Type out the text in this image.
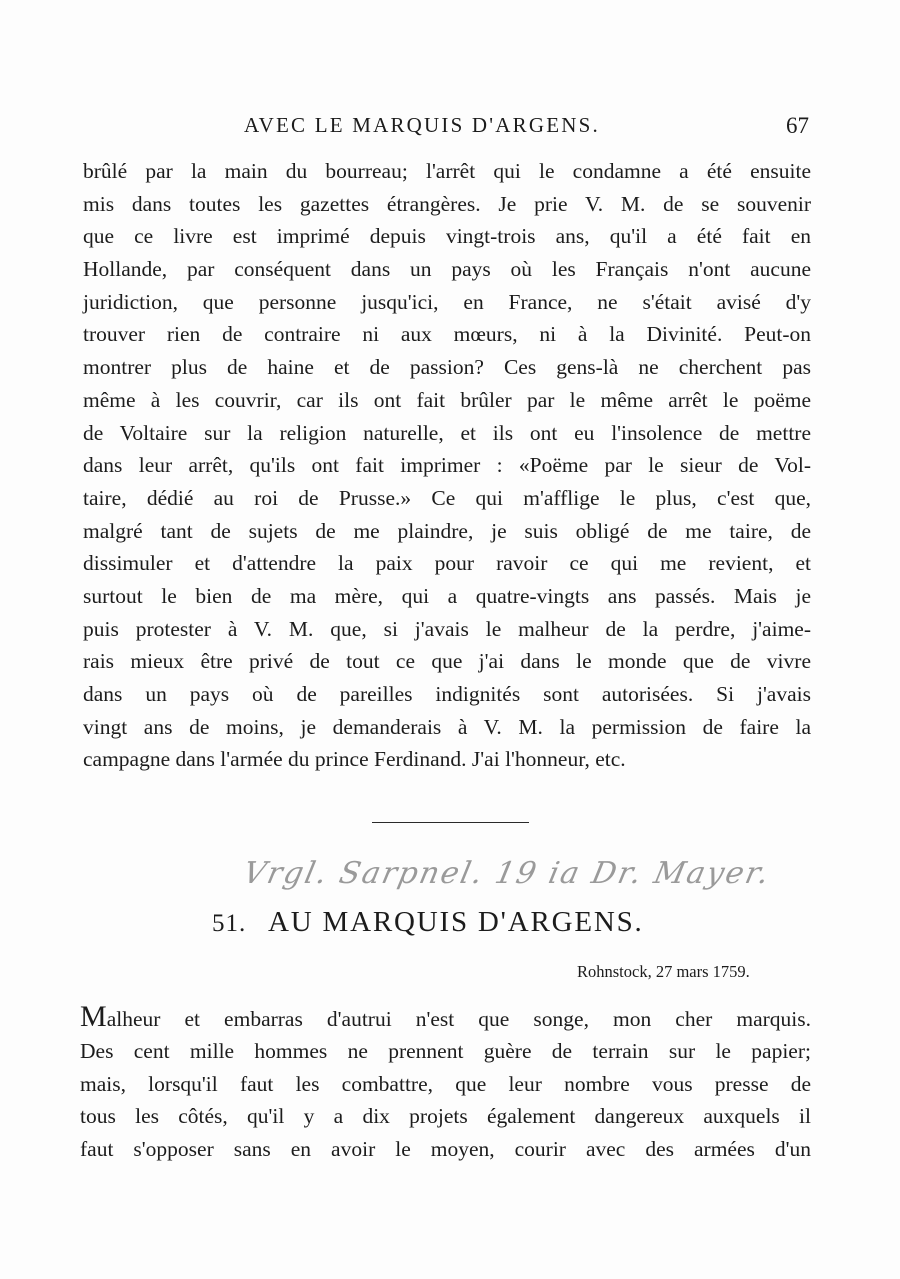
AVEC LE MARQUIS D'ARGENS.	67
brûlé par la main du bourreau; l'arrêt qui le condamne a été ensuite
mis dans toutes les gazettes étrangères. Je prie V. M. de se souvenir
que ce livre est imprimé depuis vingt-trois ans, qu'il a été fait en
Hollande, par conséquent dans un pays où les Français n'ont aucune
juridiction, que personne jusqu'ici, en France, ne s'était avisé d'y
trouver rien de contraire ni aux mœurs, ni à la Divinité. Peut-on
montrer plus de haine et de passion? Ces gens-là ne cherchent pas
même à les couvrir, car ils ont fait brûler par le même arrêt le poëme
de Voltaire sur la religion naturelle, et ils ont eu l'insolence de mettre
dans leur arrêt, qu'ils ont fait imprimer : «Poëme par le sieur de Vol-
taire, dédié au roi de Prusse.» Ce qui m'afflige le plus, c'est que,
malgré tant de sujets de me plaindre, je suis obligé de me taire, de
dissimuler et d'attendre la paix pour ravoir ce qui me revient, et
surtout le bien de ma mère, qui a quatre-vingts ans passés. Mais je
puis protester à V. M. que, si j'avais le malheur de la perdre, j'aime-
rais mieux être privé de tout ce que j'ai dans le monde que de vivre
dans un pays où de pareilles indignités sont autorisées. Si j'avais
vingt ans de moins, je demanderais à V. M. la permission de faire la
campagne dans l'armée du prince Ferdinand. J'ai l'honneur, etc.
Vrgl. Sarpnel. 19 ia Dr. Mayer.
51. AU MARQUIS D'ARGENS.
Rohnstock, 27 mars 1759.
Malheur et embarras d'autrui n'est que songe, mon cher marquis.
Des cent mille hommes ne prennent guère de terrain sur le papier;
mais, lorsqu'il faut les combattre, que leur nombre vous presse de
tous les côtés, qu'il y a dix projets également dangereux auxquels il
faut s'opposer sans en avoir le moyen, courir avec des armées d'un
